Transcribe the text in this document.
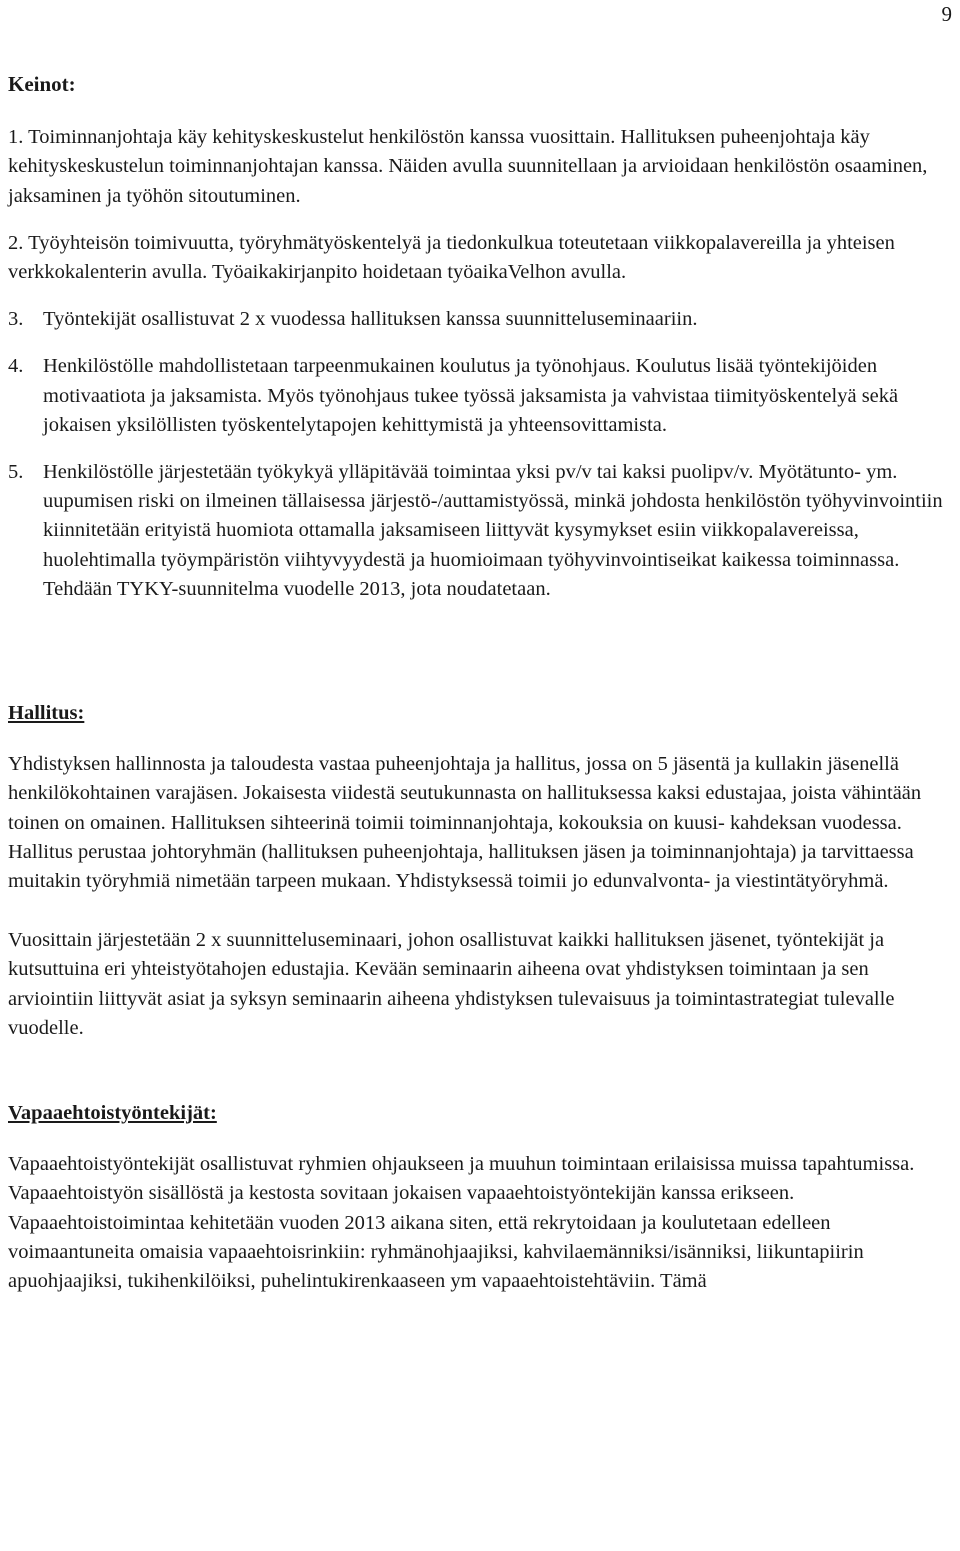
9
Keinot:

1. Toiminnanjohtaja käy kehityskeskustelut henkilöstön kanssa vuosittain. Hallituksen puheenjohtaja käy kehityskeskustelun toiminnanjohtajan kanssa. Näiden avulla suunnitellaan ja arvioidaan henkilöstön osaaminen, jaksaminen ja työhön sitoutuminen.

2. Työyhteisön toimivuutta, työryhmätyöskentelyä ja tiedonkulkua toteutetaan viikkopalavereilla ja yhteisen verkkokalenterin avulla. Työaikakirjanpito hoidetaan työaikaVelhon avulla.

3. Työntekijät osallistuvat 2 x vuodessa hallituksen kanssa suunnitteluseminaariin.
4. Henkilöstölle mahdollistetaan tarpeenmukainen koulutus ja työnohjaus. Koulutus lisää työntekijöiden motivaatiota ja jaksamista. Myös työnohjaus tukee työssä jaksamista ja vahvistaa tiimityöskentelyä sekä jokaisen yksilöllisten työskentelytapojen kehittymistä ja yhteensovittamista.
5. Henkilöstölle järjestetään työkykyä ylläpitävää toimintaa yksi pv/v tai kaksi puolipv/v. Myötätunto- ym. uupumisen riski on ilmeinen tällaisessa järjestö-/auttamistyössä, minkä johdosta henkilöstön työhyvinvointiin kiinnitetään erityistä huomiota ottamalla jaksamiseen liittyvät kysymykset esiin viikkopalavereissa, huolehtimalla työympäristön viihtyvyydestä ja huomioimaan työhyvinvointiseikat kaikessa toiminnassa. Tehdään TYKY-suunnitelma vuodelle 2013, jota noudatetaan.
Hallitus:

Yhdistyksen hallinnosta ja taloudesta vastaa puheenjohtaja ja hallitus, jossa on 5 jäsentä ja kullakin jäsenellä henkilökohtainen varajäsen. Jokaisesta viidestä seutukunnasta on hallituksessa kaksi edustajaa, joista vähintään toinen on omainen. Hallituksen sihteerinä toimii toiminnanjohtaja, kokouksia on kuusi- kahdeksan vuodessa. Hallitus perustaa johtoryhmän (hallituksen puheenjohtaja, hallituksen jäsen ja toiminnanjohtaja) ja tarvittaessa muitakin työryhmiä nimetään tarpeen mukaan. Yhdistyksessä toimii jo edunvalvonta- ja viestintätyöryhmä.

Vuosittain järjestetään 2 x suunnitteluseminaari, johon osallistuvat kaikki hallituksen jäsenet, työntekijät ja kutsuttuina eri yhteistyötahojen edustajia. Kevään seminaarin aiheena ovat yhdistyksen toimintaan ja sen arviointiin liittyvät asiat ja syksyn seminaarin aiheena yhdistyksen tulevaisuus ja toimintastrategiat tulevalle vuodelle.

Vapaaehtoistyöntekijät:

Vapaaehtoistyöntekijät osallistuvat ryhmien ohjaukseen ja muuhun toimintaan erilaisissa muissa tapahtumissa. Vapaaehtoistyön sisällöstä ja kestosta sovitaan jokaisen vapaaehtoistyöntekijän kanssa erikseen. Vapaaehtoistoimintaa kehitetään vuoden 2013 aikana siten, että rekrytoidaan ja koulutetaan edelleen voimaantuneita omaisia vapaaehtoisrinkiin: ryhmänohjaajiksi, kahvilaemänniksi/isänniksi, liikuntapiirin apuohjaajiksi, tukihenkilöiksi, puhelintukirenkaaseen ym vapaaehtoistehtäviin. Tämä
